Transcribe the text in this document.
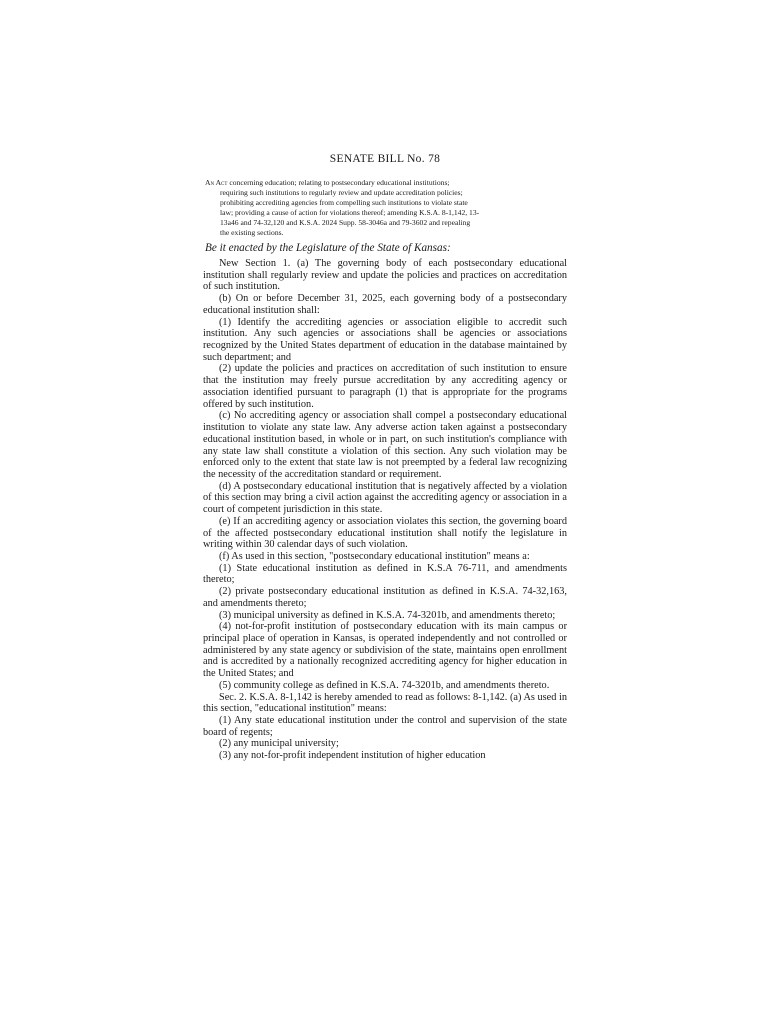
SENATE BILL No. 78

An Act concerning education; relating to postsecondary educational institutions;

requiring such institutions to regularly review and update accreditation policies;

prohibiting accrediting agencies from compelling such institutions to violate state

law; providing a cause of action for violations thereof; amending K.S.A. 8-1,142, 13-

13a46 and 74-32,120 and K.S.A. 2024 Supp. 58-3046a and 79-3602 and repealing

the existing sections.

Be it enacted by the Legislature of the State of Kansas:

New Section 1. (a) The governing body of each postsecondary educational institution shall regularly review and update the policies and practices on accreditation of such institution.

(b) On or before December 31, 2025, each governing body of a postsecondary educational institution shall:

(1) Identify the accrediting agencies or association eligible to accredit such institution. Any such agencies or associations shall be agencies or associations recognized by the United States department of education in the database maintained by such department; and

(2) update the policies and practices on accreditation of such institution to ensure that the institution may freely pursue accreditation by any accrediting agency or association identified pursuant to paragraph (1) that is appropriate for the programs offered by such institution.

(c) No accrediting agency or association shall compel a postsecondary educational institution to violate any state law. Any adverse action taken against a postsecondary educational institution based, in whole or in part, on such institution's compliance with any state law shall constitute a violation of this section. Any such violation may be enforced only to the extent that state law is not preempted by a federal law recognizing the necessity of the accreditation standard or requirement.

(d) A postsecondary educational institution that is negatively affected by a violation of this section may bring a civil action against the accrediting agency or association in a court of competent jurisdiction in this state.

(e) If an accrediting agency or association violates this section, the governing board of the affected postsecondary educational institution shall notify the legislature in writing within 30 calendar days of such violation.

(f) As used in this section, "postsecondary educational institution" means a:

(1) State educational institution as defined in K.S.A 76-711, and amendments thereto;

(2) private postsecondary educational institution as defined in K.S.A. 74-32,163, and amendments thereto;

(3) municipal university as defined in K.S.A. 74-3201b, and amendments thereto;

(4) not-for-profit institution of postsecondary education with its main campus or principal place of operation in Kansas, is operated independently and not controlled or administered by any state agency or subdivision of the state, maintains open enrollment and is accredited by a nationally recognized accrediting agency for higher education in the United States; and

(5) community college as defined in K.S.A. 74-3201b, and amendments thereto.

Sec. 2. K.S.A. 8-1,142 is hereby amended to read as follows: 8-1,142. (a) As used in this section, "educational institution" means:

(1) Any state educational institution under the control and supervision of the state board of regents;

(2) any municipal university;

(3) any not-for-profit independent institution of higher education
